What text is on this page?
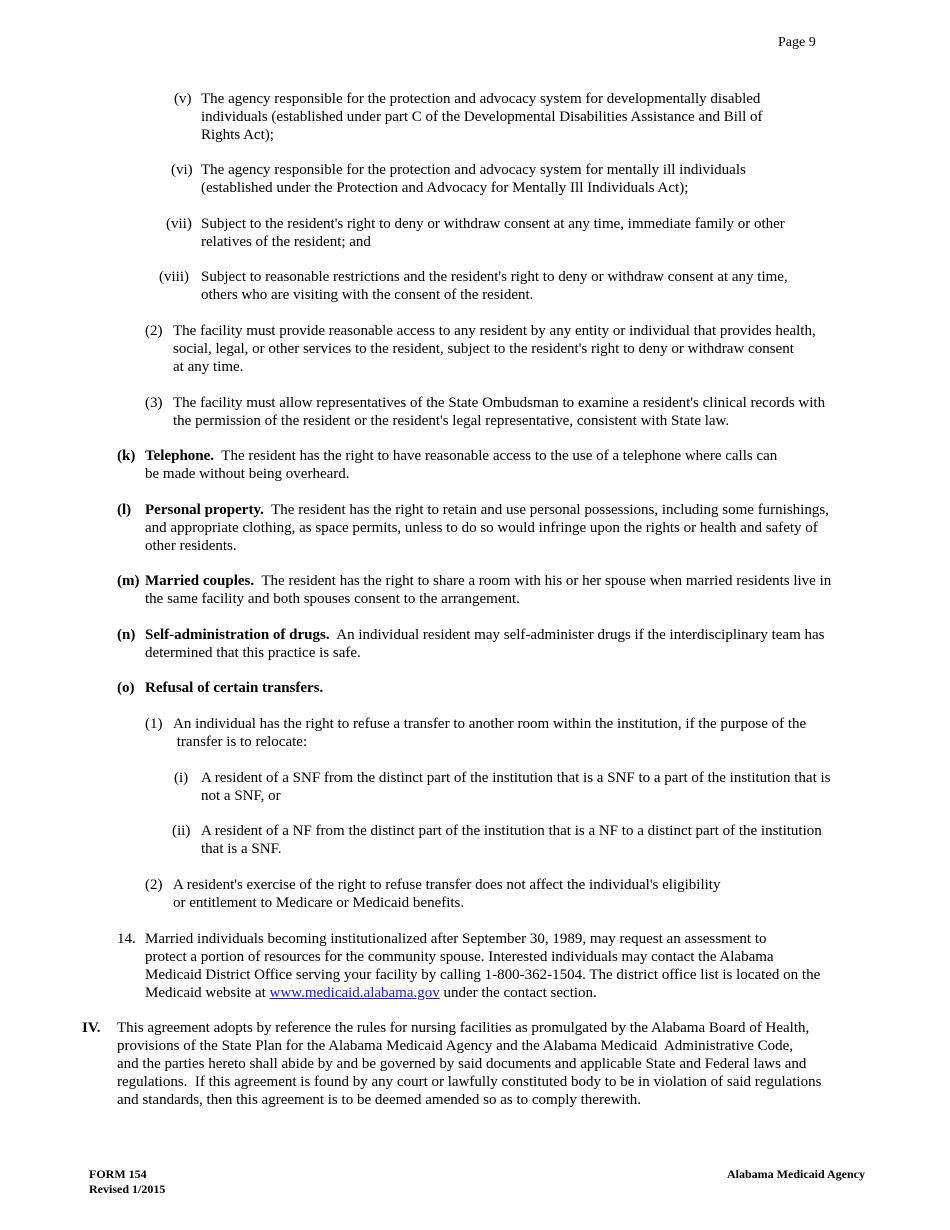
Page 9
(v) The agency responsible for the protection and advocacy system for developmentally disabled
individuals (established under part C of the Developmental Disabilities Assistance and Bill of
Rights Act);
(vi) The agency responsible for the protection and advocacy system for mentally ill individuals
(established under the Protection and Advocacy for Mentally Ill Individuals Act);
(vii) Subject to the resident's right to deny or withdraw consent at any time, immediate family or other
relatives of the resident; and
(viii) Subject to reasonable restrictions and the resident's right to deny or withdraw consent at any time,
others who are visiting with the consent of the resident.
(2) The facility must provide reasonable access to any resident by any entity or individual that provides health,
social, legal, or other services to the resident, subject to the resident's right to deny or withdraw consent
at any time.
(3) The facility must allow representatives of the State Ombudsman to examine a resident's clinical records with
the permission of the resident or the resident's legal representative, consistent with State law.
(k) Telephone.  The resident has the right to have reasonable access to the use of a telephone where calls can
be made without being overheard.
(l) Personal property.  The resident has the right to retain and use personal possessions, including some furnishings,
and appropriate clothing, as space permits, unless to do so would infringe upon the rights or health and safety of
other residents.
(m) Married couples.  The resident has the right to share a room with his or her spouse when married residents live in
the same facility and both spouses consent to the arrangement.
(n) Self-administration of drugs.  An individual resident may self-administer drugs if the interdisciplinary team has
determined that this practice is safe.
(o) Refusal of certain transfers.
(1) An individual has the right to refuse a transfer to another room within the institution, if the purpose of the
transfer is to relocate:
(i) A resident of a SNF from the distinct part of the institution that is a SNF to a part of the institution that is
not a SNF, or
(ii) A resident of a NF from the distinct part of the institution that is a NF to a distinct part of the institution
that is a SNF.
(2) A resident's exercise of the right to refuse transfer does not affect the individual's eligibility
or entitlement to Medicare or Medicaid benefits.
14. Married individuals becoming institutionalized after September 30, 1989, may request an assessment to
protect a portion of resources for the community spouse. Interested individuals may contact the Alabama
Medicaid District Office serving your facility by calling 1-800-362-1504. The district office list is located on the
Medicaid website at www.medicaid.alabama.gov under the contact section.
IV. This agreement adopts by reference the rules for nursing facilities as promulgated by the Alabama Board of Health,
provisions of the State Plan for the Alabama Medicaid Agency and the Alabama Medicaid  Administrative Code,
and the parties hereto shall abide by and be governed by said documents and applicable State and Federal laws and
regulations.  If this agreement is found by any court or lawfully constituted body to be in violation of said regulations
and standards, then this agreement is to be deemed amended so as to comply therewith.
FORM 154
Revised 1/2015
Alabama Medicaid Agency
